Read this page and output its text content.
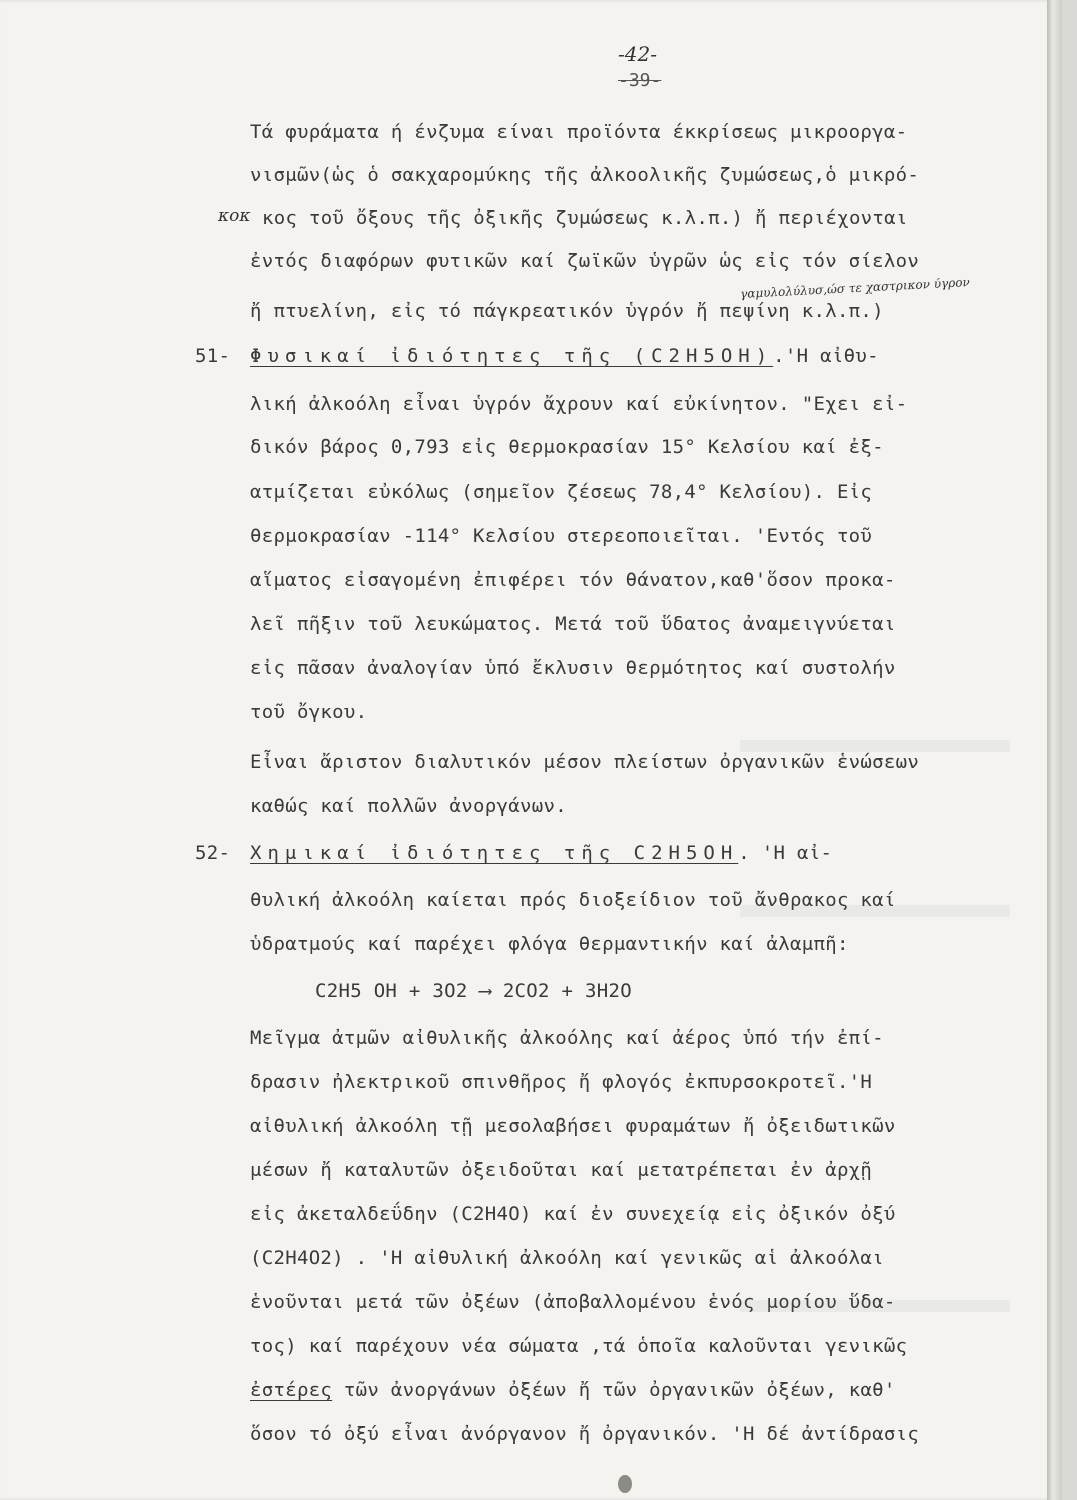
-42-
-39-
Τά φυράματα ή ένζυμα είναι προϊόντα έκκρίσεως μικροοργα-
νισμῶν(ὡς ὁ σακχαρομύκης τῆς ἀλκοολικῆς ζυμώσεως,ὁ μικρό-
κοκ κος τοῦ ὄξους τῆς ὀξικῆς ζυμώσεως κ.λ.π.) ἤ περιέχονται
ἐντός διαφόρων φυτικῶν καί ζωϊκῶν ὑγρῶν ὡς εἰς τόν σίελον
γαμυλολύλυσ,ώσ τε χαστρικον ύγρον
ἤ πτυελίνη, εἰς τό πάγκρεατικόν ὑγρόν ἤ πεψίνη κ.λ.π.)
51- Φυσικαί ἰδιότητες τῆς (C2H5OH).'Η αἰθυ-
λική ἀλκοόλη εἶναι ὑγρόν ἄχρουν καί εὐκίνητον. "Εχει εἰ-
δικόν βάρος 0,793 εἰς θερμοκρασίαν 15° Κελσίου καί ἐξ-
ατμίζεται εὐκόλως (σημεῖον ζέσεως 78,4° Κελσίου). Εἰς
θερμοκρασίαν -114° Κελσίου στερεοποιεῖται. 'Εντός τοῦ
αἵματος εἰσαγομένη ἐπιφέρει τόν θάνατον,καθ'ὅσον προκα-
λεῖ πῆξιν τοῦ λευκώματος. Μετά τοῦ ὕδατος ἀναμειγνύεται
εἰς πᾶσαν ἀναλογίαν ὑπό ἔκλυσιν θερμότητος καί συστολήν
τοῦ ὄγκου.
Εἶναι ἄριστον διαλυτικόν μέσον πλείστων ὀργανικῶν ἑνώσεων
καθώς καί πολλῶν ἀνοργάνων.
52- Χημικαί ἰδιότητες τῆς C2H5OH. 'Η αἰ-
θυλική ἀλκοόλη καίεται πρός διοξείδιον τοῦ ἄνθρακος καί
ὑδρατμούς καί παρέχει φλόγα θερμαντικήν καί ἀλαμπῆ:
C2H5 OH + 3O2 ⟶ 2CO2 + 3H2O
Μεῖγμα ἀτμῶν αἰθυλικῆς ἀλκοόλης καί ἀέρος ὑπό τήν ἐπί-
δρασιν ἠλεκτρικοῦ σπινθῆρος ἤ φλογός ἐκπυρσοκροτεῖ.'Η
αἰθυλική ἀλκοόλη τῇ μεσολαβήσει φυραμάτων ἤ ὀξειδωτικῶν
μέσων ἤ καταλυτῶν ὀξειδοῦται καί μετατρέπεται ἐν ἀρχῇ
εἰς ἀκεταλδεΰδην (C2H4O) καί ἐν συνεχείᾳ εἰς ὀξικόν ὀξύ
(C2H4O2) . 'Η αἰθυλική ἀλκοόλη καί γενικῶς αἱ ἀλκοόλαι
ἑνοῦνται μετά τῶν ὀξέων (ἀποβαλλομένου ἑνός μορίου ὕδα-
τος) καί παρέχουν νέα σώματα ,τά ὁποῖα καλοῦνται γενικῶς
ἐστέρες τῶν ἀνοργάνων ὀξέων ἤ τῶν ὀργανικῶν ὀξέων, καθ'
ὅσον τό ὀξύ εἶναι ἀνόργανον ἤ ὀργανικόν. 'Η δέ ἀντίδρασις
